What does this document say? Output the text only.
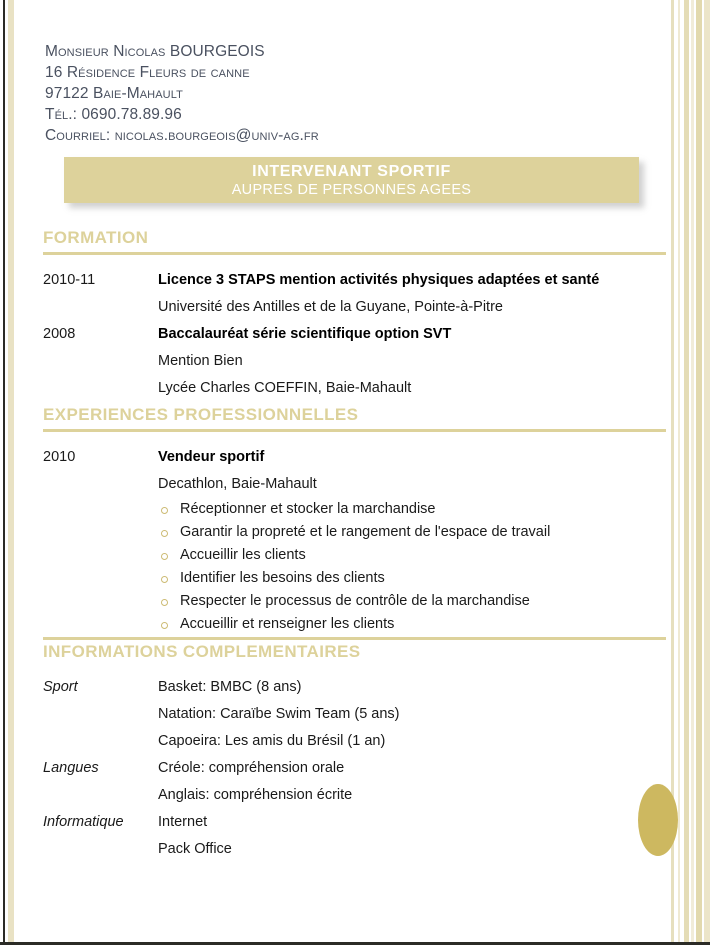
Monsieur Nicolas BOURGEOIS
16 Résidence Fleurs de canne
97122 Baie-Mahault
Tél.: 0690.78.89.96
Courriel: nicolas.bourgeois@univ-ag.fr
INTERVENANT SPORTIF
AUPRES DE PERSONNES AGEES
FORMATION
2010-11	Licence 3 STAPS mention activités physiques adaptées et santé
Université des Antilles et de la Guyane, Pointe-à-Pitre
2008	Baccalauréat série scientifique option SVT
Mention Bien
Lycée Charles COEFFIN, Baie-Mahault
EXPERIENCES PROFESSIONNELLES
2010	Vendeur sportif
Decathlon, Baie-Mahault
Réceptionner et stocker la marchandise
Garantir la propreté et le rangement de l'espace de travail
Accueillir les clients
Identifier les besoins des clients
Respecter le processus de contrôle de la marchandise
Accueillir et renseigner les clients
INFORMATIONS COMPLEMENTAIRES
Sport	Basket: BMBC (8 ans)
Natation: Caraïbe Swim Team (5 ans)
Capoeira: Les amis du Brésil (1 an)
Langues	Créole: compréhension orale
Anglais: compréhension écrite
Informatique	Internet
Pack Office
